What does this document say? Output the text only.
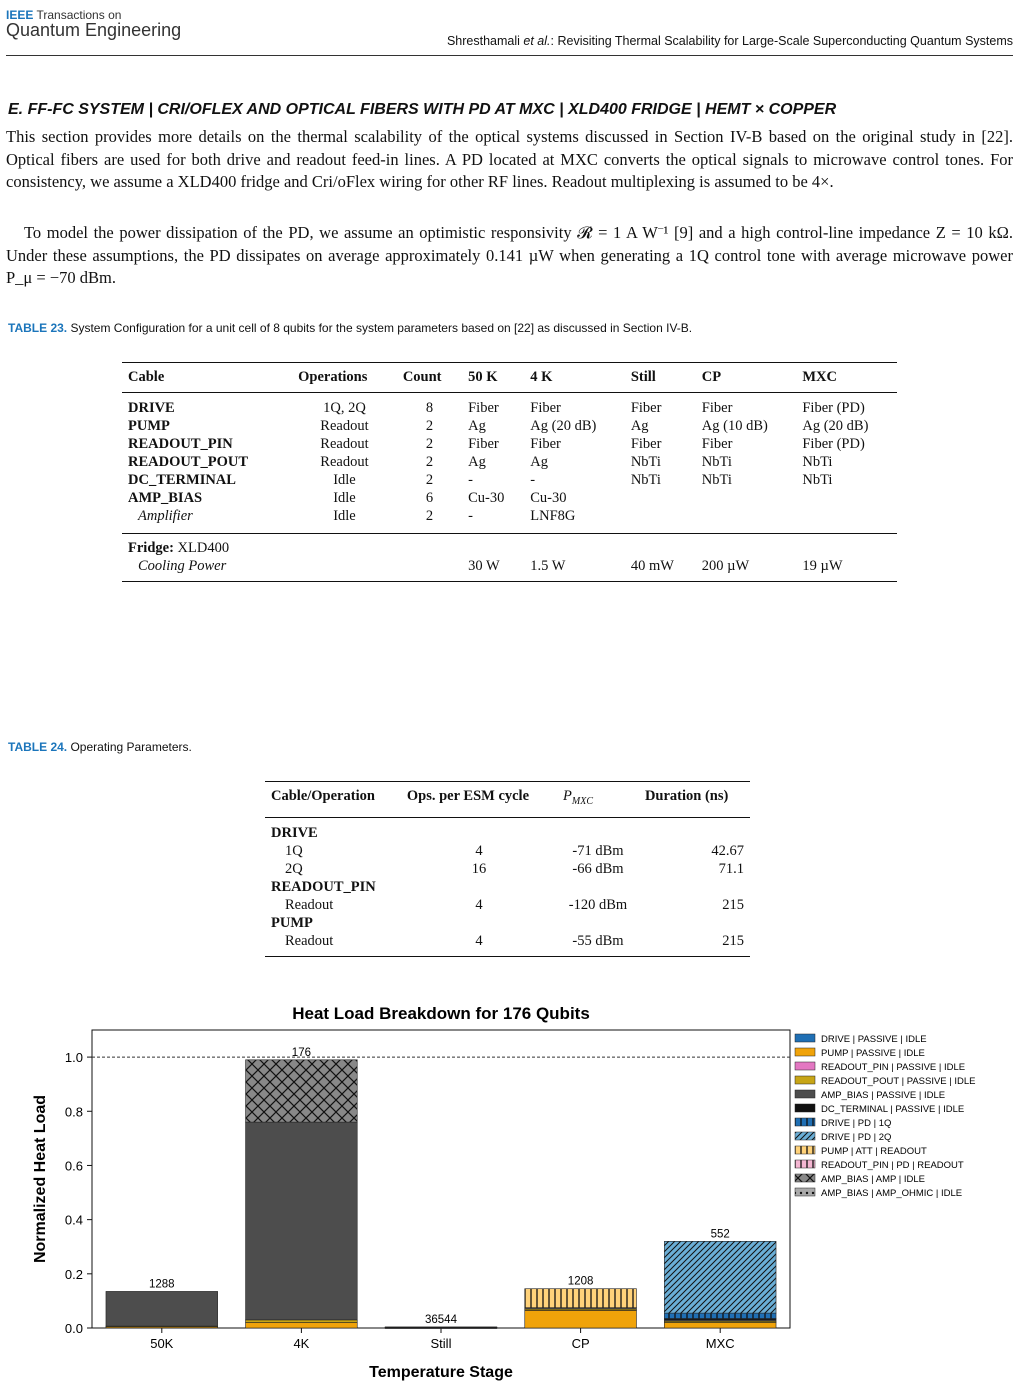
IEEE Transactions on
Quantum Engineering
Shresthamali et al.: Revisiting Thermal Scalability for Large-Scale Superconducting Quantum Systems
E. FF-FC SYSTEM | CRI/OFLEX AND OPTICAL FIBERS WITH PD AT MXC | XLD400 FRIDGE | HEMT × COPPER
This section provides more details on the thermal scalability of the optical systems discussed in Section IV-B based on the original study in [22]. Optical fibers are used for both drive and readout feed-in lines. A PD located at MXC converts the optical signals to microwave control tones. For consistency, we assume a XLD400 fridge and Cri/oFlex wiring for other RF lines. Readout multiplexing is assumed to be 4×.
To model the power dissipation of the PD, we assume an optimistic responsivity 𝓡 = 1 A W⁻¹ [9] and a high control-line impedance Z = 10 kΩ. Under these assumptions, the PD dissipates on average approximately 0.141 µW when generating a 1Q control tone with average microwave power P_μ = −70 dBm.
TABLE 23. System Configuration for a unit cell of 8 qubits for the system parameters based on [22] as discussed in Section IV-B.
Cable	Operations	Count	50 K	4 K	Still	CP	MXC
DRIVE	1Q, 2Q	8	Fiber	Fiber	Fiber	Fiber	Fiber (PD)
PUMP	Readout	2	Ag	Ag (20 dB)	Ag	Ag (10 dB)	Ag (20 dB)
READOUT_PIN	Readout	2	Fiber	Fiber	Fiber	Fiber	Fiber (PD)
READOUT_POUT	Readout	2	Ag	Ag	NbTi	NbTi	NbTi
DC_TERMINAL	Idle	2	-	-	NbTi	NbTi	NbTi
AMP_BIAS	Idle	6	Cu-30	Cu-30			
Amplifier	Idle	2	-	LNF8G			
Fridge: XLD400							
Cooling Power			30 W	1.5 W	40 mW	200 µW	19 µW
TABLE 24. Operating Parameters.
Cable/Operation	Ops. per ESM cycle	$P_{MXC}$	Duration (ns)
DRIVE			
1Q	4	-71 dBm	42.67
2Q	16	-66 dBm	71.1
READOUT_PIN			
Readout	4	-120 dBm	215
PUMP			
Readout	4	-55 dBm	215
Heat Load Breakdown for 176 Qubits
0.0
0.2
0.4
0.6
0.8
1.0
50K	4K	Still	CP	MXC
1288
176
36544
1208
552
Temperature Stage
Normalized Heat Load
DRIVE | PASSIVE | IDLE
PUMP | PASSIVE | IDLE
READOUT_PIN | PASSIVE | IDLE
READOUT_POUT | PASSIVE | IDLE
AMP_BIAS | PASSIVE | IDLE
DC_TERMINAL | PASSIVE | IDLE
DRIVE | PD | 1Q
DRIVE | PD | 2Q
PUMP | ATT | READOUT
READOUT_PIN | PD | READOUT
AMP_BIAS | AMP | IDLE
AMP_BIAS | AMP_OHMIC | IDLE
